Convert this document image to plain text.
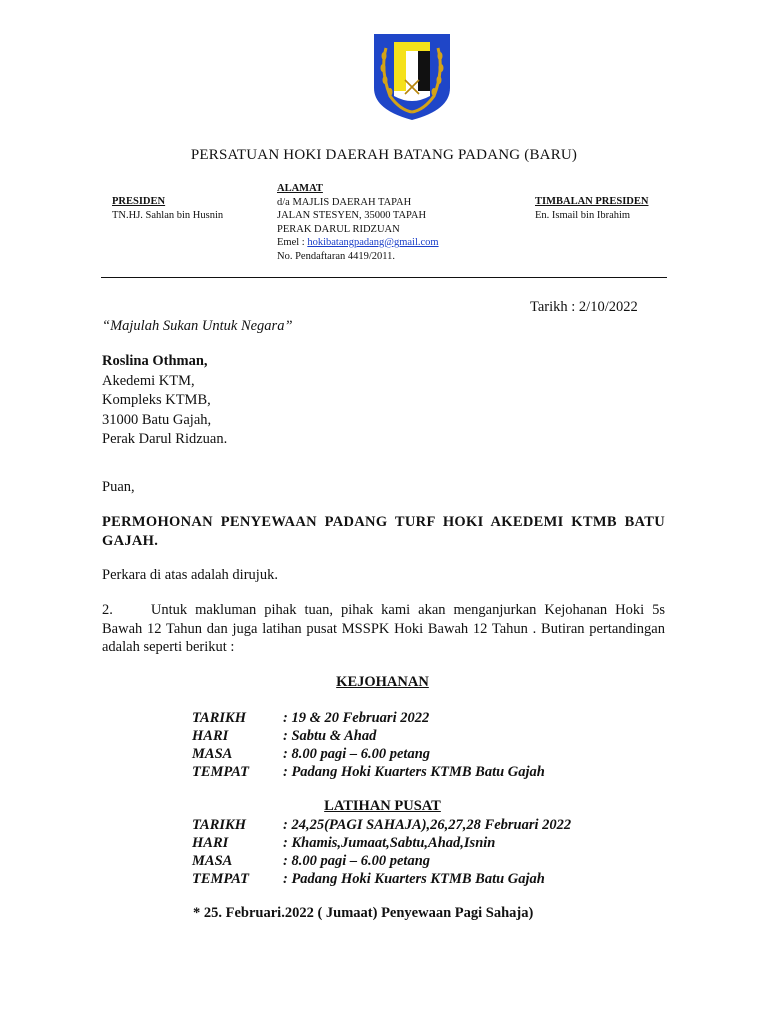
PERSATUAN HOKI DAERAH BATANG PADANG (BARU)
PRESIDEN
TN.HJ. Sahlan bin Husnin
ALAMAT
d/a MAJLIS DAERAH TAPAH
JALAN STESYEN, 35000 TAPAH
PERAK DARUL RIDZUAN
Emel : hokibatangpadang@gmail.com
No. Pendaftaran 4419/2011.
TIMBALAN PRESIDEN
En. Ismail bin Ibrahim
Tarikh : 2/10/2022
“Majulah Sukan Untuk Negara”
Roslina Othman,
Akedemi KTM,
Kompleks KTMB,
31000 Batu Gajah,
Perak Darul Ridzuan.
Puan,
PERMOHONAN PENYEWAAN PADANG TURF HOKI AKEDEMI KTMB BATU GAJAH.
Perkara di atas adalah dirujuk.
2.	Untuk makluman pihak tuan, pihak kami akan menganjurkan Kejohanan Hoki 5s Bawah 12 Tahun dan juga latihan pusat MSSPK Hoki Bawah 12 Tahun . Butiran pertandingan adalah seperti berikut :
KEJOHANAN
TARIKH	: 19 & 20 Februari 2022
HARI	: Sabtu & Ahad
MASA	: 8.00 pagi – 6.00 petang
TEMPAT : Padang Hoki Kuarters KTMB Batu Gajah
LATIHAN PUSAT
TARIKH	: 24,25(PAGI SAHAJA),26,27,28 Februari 2022
HARI	: Khamis,Jumaat,Sabtu,Ahad,Isnin
MASA	: 8.00 pagi – 6.00 petang
TEMPAT : Padang Hoki Kuarters KTMB Batu Gajah
* 25. Februari.2022 ( Jumaat) Penyewaan Pagi Sahaja)
